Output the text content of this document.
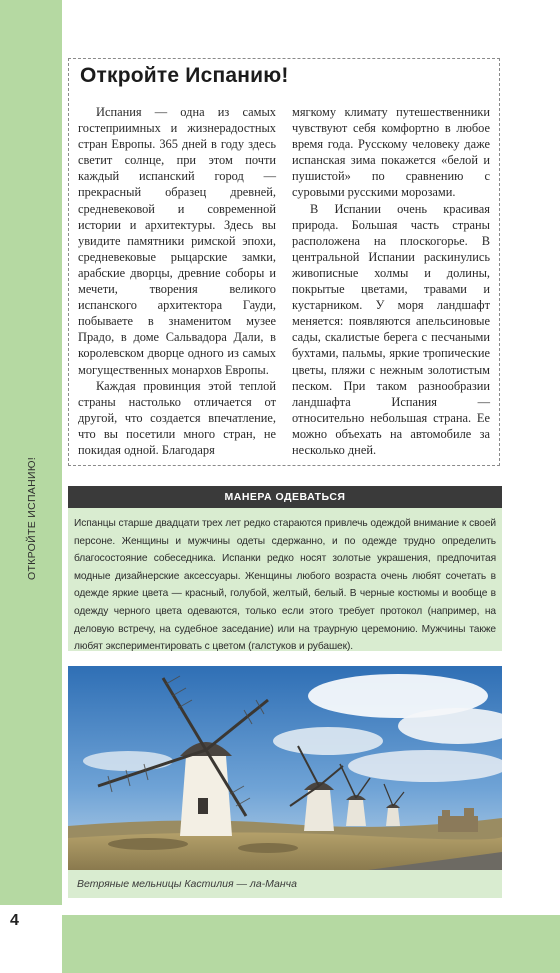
ОТКРОЙТЕ ИСПАНИЮ!
4
Откройте Испанию!

Испания — одна из самых гостеприимных и жизнерадостных стран Европы. 365 дней в году здесь светит солнце, при этом почти каждый испанский город — прекрасный образец древней, средневековой и современной истории и архитектуры. Здесь вы увидите памятники римской эпохи, средневековые рыцарские замки, арабские дворцы, древние соборы и мечети, творения великого испанского архитектора Гауди, побываете в знаменитом музее Прадо, в доме Сальвадора Дали, в королевском дворце одного из самых могущественных монархов Европы.

Каждая провинция этой теплой страны настолько отличается от другой, что создается впечатление, что вы посетили много стран, не покидая одной. Благодаря

мягкому климату путешественники чувствуют себя комфортно в любое время года. Русскому человеку даже испанская зима покажется «белой и пушистой» по сравнению с суровыми русскими морозами.

В Испании очень красивая природа. Большая часть страны расположена на плоскогорье. В центральной Испании раскинулись живописные холмы и долины, покрытые цветами, травами и кустарником. У моря ландшафт меняется: появляются апельсиновые сады, скалистые берега с песчаными бухтами, пальмы, яркие тропические цветы, пляжи с нежным золотистым песком. При таком разнообразии ландшафта Испания — относительно небольшая страна. Ее можно объехать на автомобиле за несколько дней.

МАНЕРА ОДЕВАТЬСЯ
Испанцы старше двадцати трех лет редко стараются привлечь одеждой внимание к своей персоне. Женщины и мужчины одеты сдержанно, и по одежде трудно определить благосостояние собеседника. Испанки редко носят золотые украшения, предпочитая модные дизайнерские аксессуары. Женщины любого возраста очень любят сочетать в одежде яркие цвета — красный, голубой, желтый, белый. В черные костюмы и вообще в одежду черного цвета одеваются, только если этого требует протокол (например, на деловую встречу, на судебное заседание) или на траурную церемонию. Мужчины также любят экспериментировать с цветом (галстуков и рубашек).
Ветряные мельницы Кастилия — ла-Манча
